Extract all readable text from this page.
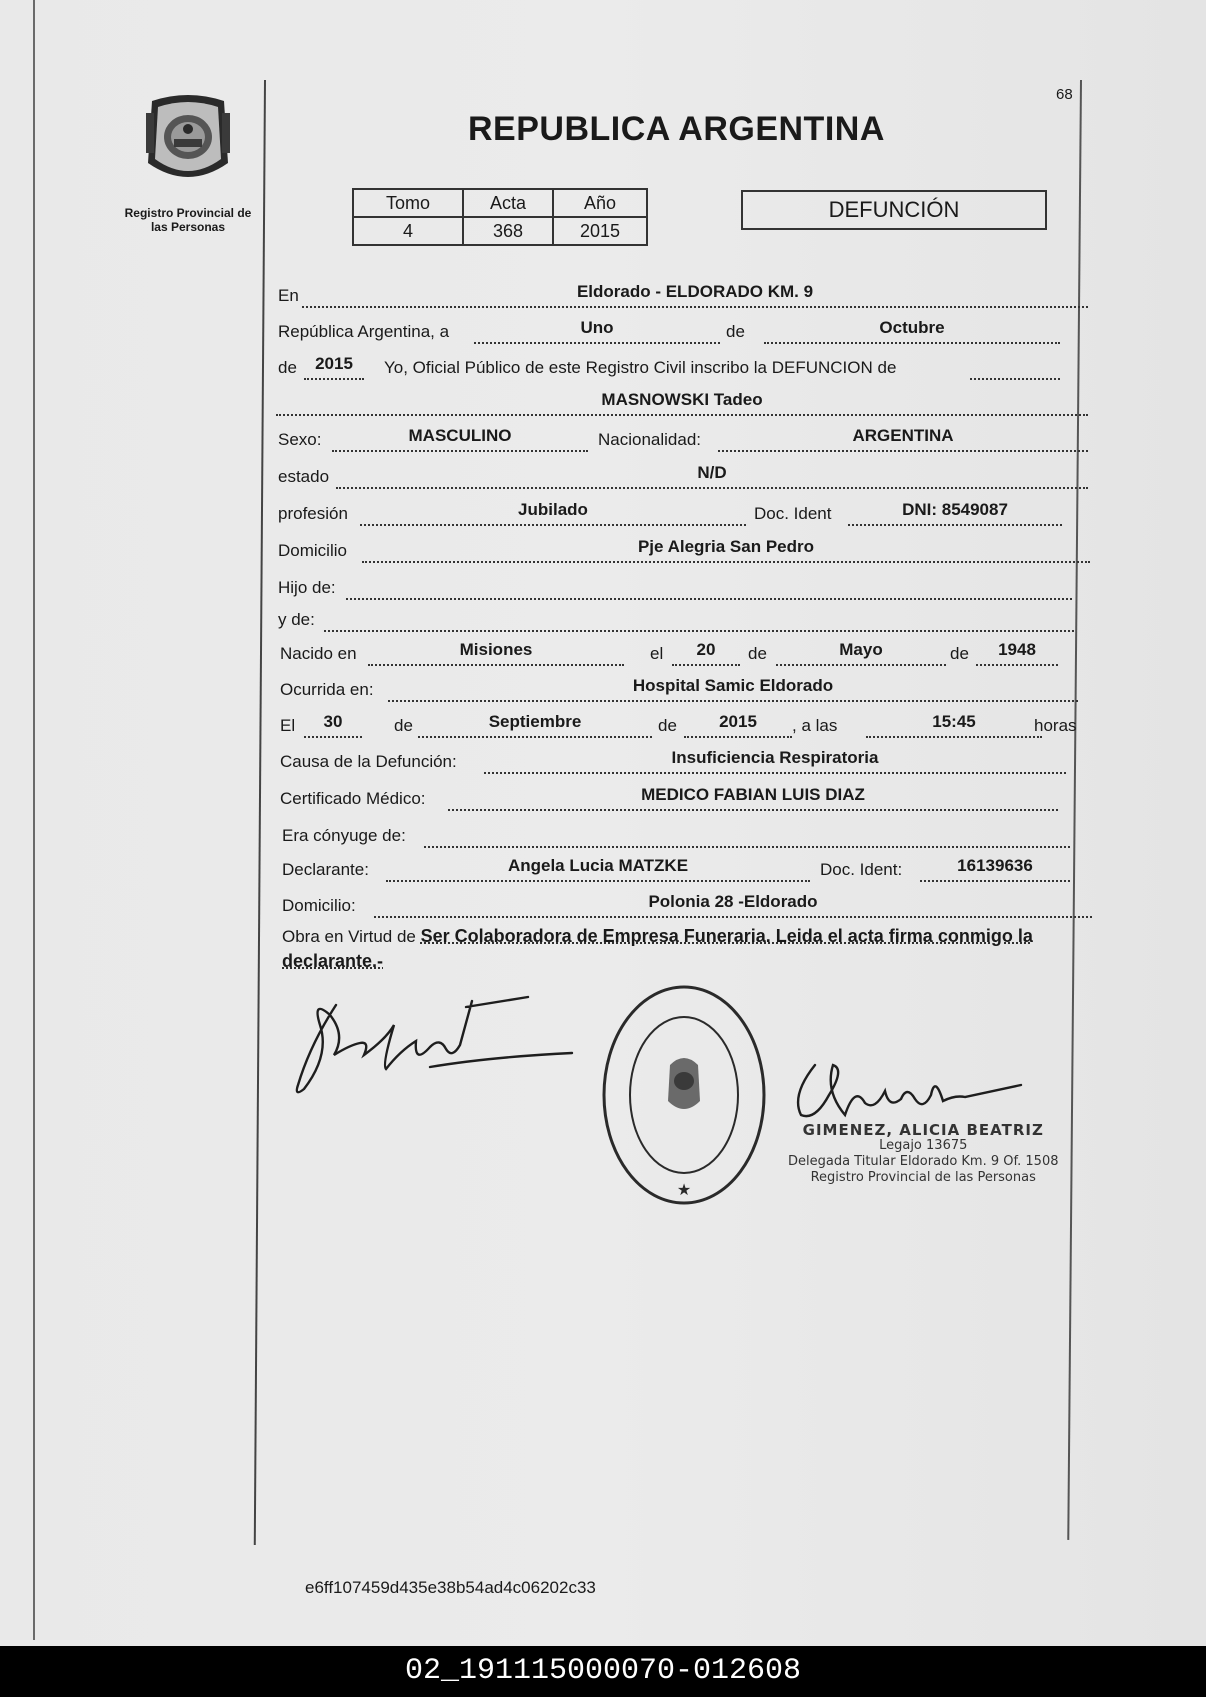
Registro Provincial de las Personas
68
REPUBLICA ARGENTINA
Tomo	Acta	Año
4	368	2015
DEFUNCIÓN
En	Eldorado - ELDORADO KM. 9
República Argentina, a	Uno	de	Octubre
de	2015	Yo, Oficial Público de este Registro Civil inscribo la DEFUNCION de
MASNOWSKI Tadeo
Sexo:	MASCULINO	Nacionalidad:	ARGENTINA
estado	N/D
profesión	Jubilado	Doc. Ident	DNI: 8549087
Domicilio	Pje Alegria San Pedro
Hijo de:
y de:
Nacido en	Misiones	el	20	de	Mayo	de	1948
Ocurrida en:	Hospital Samic Eldorado
El	30	de	Septiembre	de	2015	, a las	15:45	horas
Causa de la Defunción:	Insuficiencia Respiratoria
Certificado Médico:	MEDICO FABIAN LUIS DIAZ
Era cónyuge de:
Declarante:	Angela Lucia MATZKE	Doc. Ident:	16139636
Domicilio:	Polonia 28 -Eldorado
Obra en Virtud de Ser Colaboradora de Empresa Funeraria. Leida el acta firma conmigo la declarante.-
★
GIMENEZ, ALICIA BEATRIZ
Legajo 13675
Delegada Titular Eldorado Km. 9 Of. 1508
Registro Provincial de las Personas
e6ff107459d435e38b54ad4c06202c33
02_191115000070-012608
